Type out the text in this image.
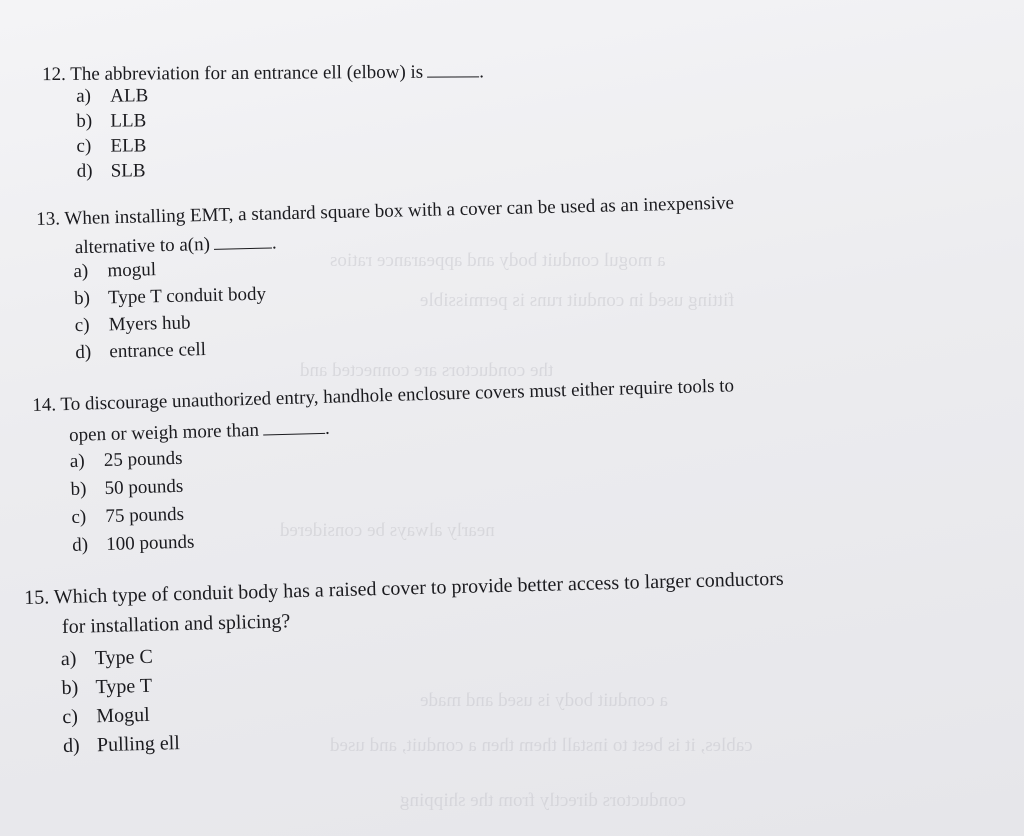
a mogul conduit body and appearance ratios
fitting used in conduit runs is permissible
the conductors are connected and
nearly always be considered
a conduit body is used and made
cables, it is best to install them then a conduit, and used
conductors directly from the shipping
12. The abbreviation for an entrance ell (elbow) is	.
a) ALB
b) LLB
c) ELB
d) SLB
13. When installing EMT, a standard square box with a cover can be used as an inexpensive
alternative to a(n)	.
a) mogul
b) Type T conduit body
c) Myers hub
d) entrance cell
14. To discourage unauthorized entry, handhole enclosure covers must either require tools to
open or weigh more than	.
a) 25 pounds
b) 50 pounds
c) 75 pounds
d) 100 pounds
15. Which type of conduit body has a raised cover to provide better access to larger conductors
for installation and splicing?
a) Type C
b) Type T
c) Mogul
d) Pulling ell
